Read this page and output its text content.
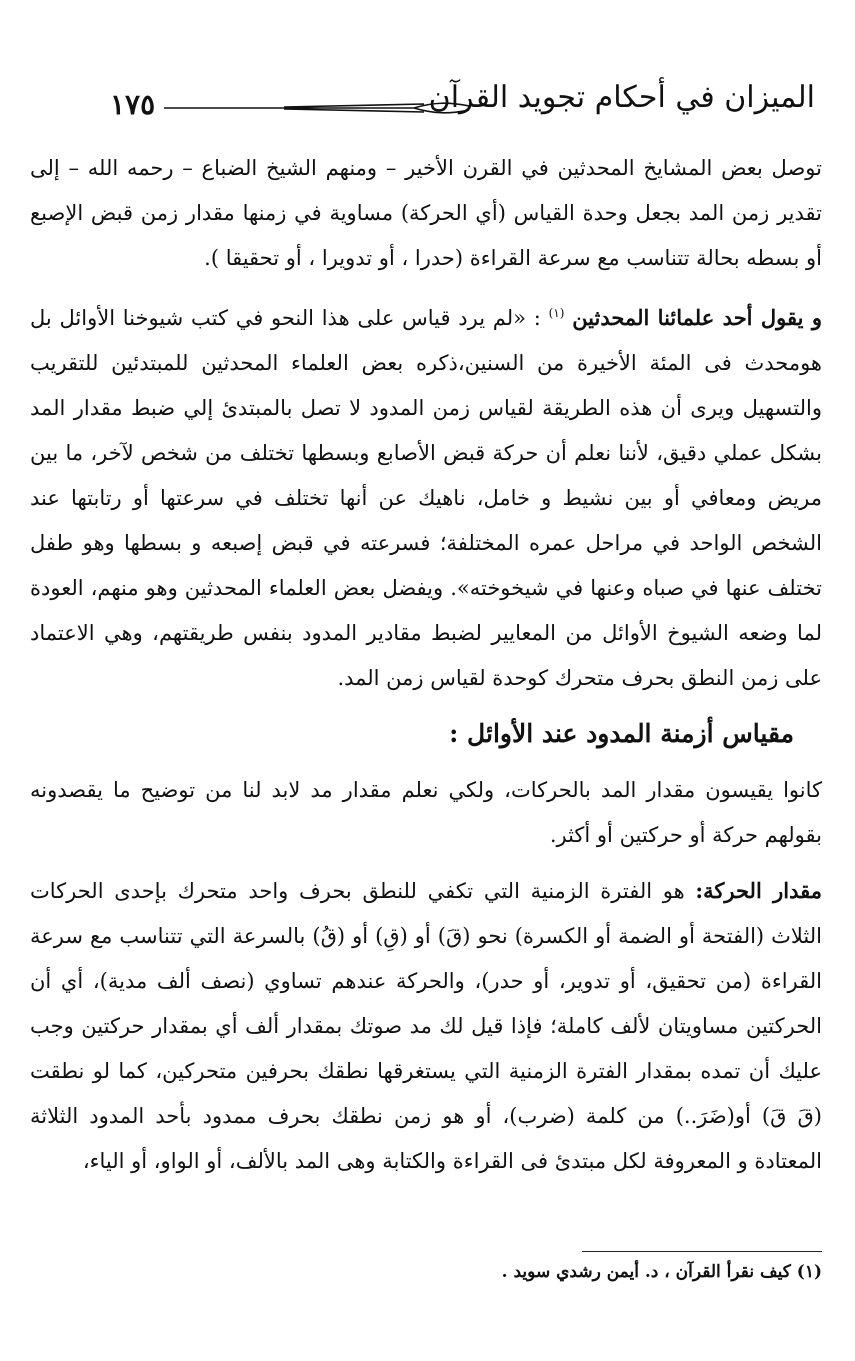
١٧٥	الميزان في أحكام تجويد القرآن

توصل بعض المشايخ المحدثين في القرن الأخير – ومنهم الشيخ الضباع – رحمه الله – إلى تقدير زمن المد بجعل وحدة القياس (أي الحركة) مساوية في زمنها مقدار زمن قبض الإصبع أو بسطه بحالة تتناسب مع سرعة القراءة (حدرا ، أو تدويرا ، أو تحقيقا ).

و يقول أحد علمائنا المحدثين $^{(١)}$ : «لم يرد قياس على هذا النحو في كتب شيوخنا الأوائل بل هومحدث فى المئة الأخيرة من السنين،ذكره بعض العلماء المحدثين للمبتدئين للتقريب والتسهيل ويرى أن هذه الطريقة لقياس زمن المدود لا تصل بالمبتدئ إلي ضبط مقدار المد بشكل عملي دقيق، لأننا نعلم أن حركة قبض الأصابع وبسطها تختلف من شخص لآخر، ما بين مريض ومعافي أو بين نشيط و خامل، ناهيك عن أنها تختلف في سرعتها أو رتابتها عند الشخص الواحد في مراحل عمره المختلفة؛ فسرعته في قبض إصبعه و بسطها وهو طفل تختلف عنها في صباه وعنها في شيخوخته». ويفضل بعض العلماء المحدثين وهو منهم، العودة لما وضعه الشيوخ الأوائل من المعايير لضبط مقادير المدود بنفس طريقتهم، وهي الاعتماد على زمن النطق بحرف متحرك كوحدة لقياس زمن المد.

مقياس أزمنة المدود عند الأوائل :

كانوا يقيسون مقدار المد بالحركات، ولكي نعلم مقدار مد لابد لنا من توضيح ما يقصدونه بقولهم حركة أو حركتين أو أكثر.

مقدار الحركة: هو الفترة الزمنية التي تكفي للنطق بحرف واحد متحرك بإحدى الحركات الثلاث (الفتحة أو الضمة أو الكسرة) نحو (قَ) أو (قِ) أو (قُ) بالسرعة التي تتناسب مع سرعة القراءة (من تحقيق، أو تدوير، أو حدر)، والحركة عندهم تساوي (نصف ألف مدية)، أي أن الحركتين مساويتان لألف كاملة؛ فإذا قيل لك مد صوتك بمقدار ألف أي بمقدار حركتين وجب عليك أن تمده بمقدار الفترة الزمنية التي يستغرقها نطقك بحرفين متحركين، كما لو نطقت (قَ قَ) أو(ضَرَ..) من كلمة (ضرب)، أو هو زمن نطقك بحرف ممدود بأحد المدود الثلاثة المعتادة و المعروفة لكل مبتدئ فى القراءة والكتابة وهى المد بالألف، أو الواو، أو الياء،

(١) كيف نقرأ القرآن ، د. أيمن رشدي سويد .
